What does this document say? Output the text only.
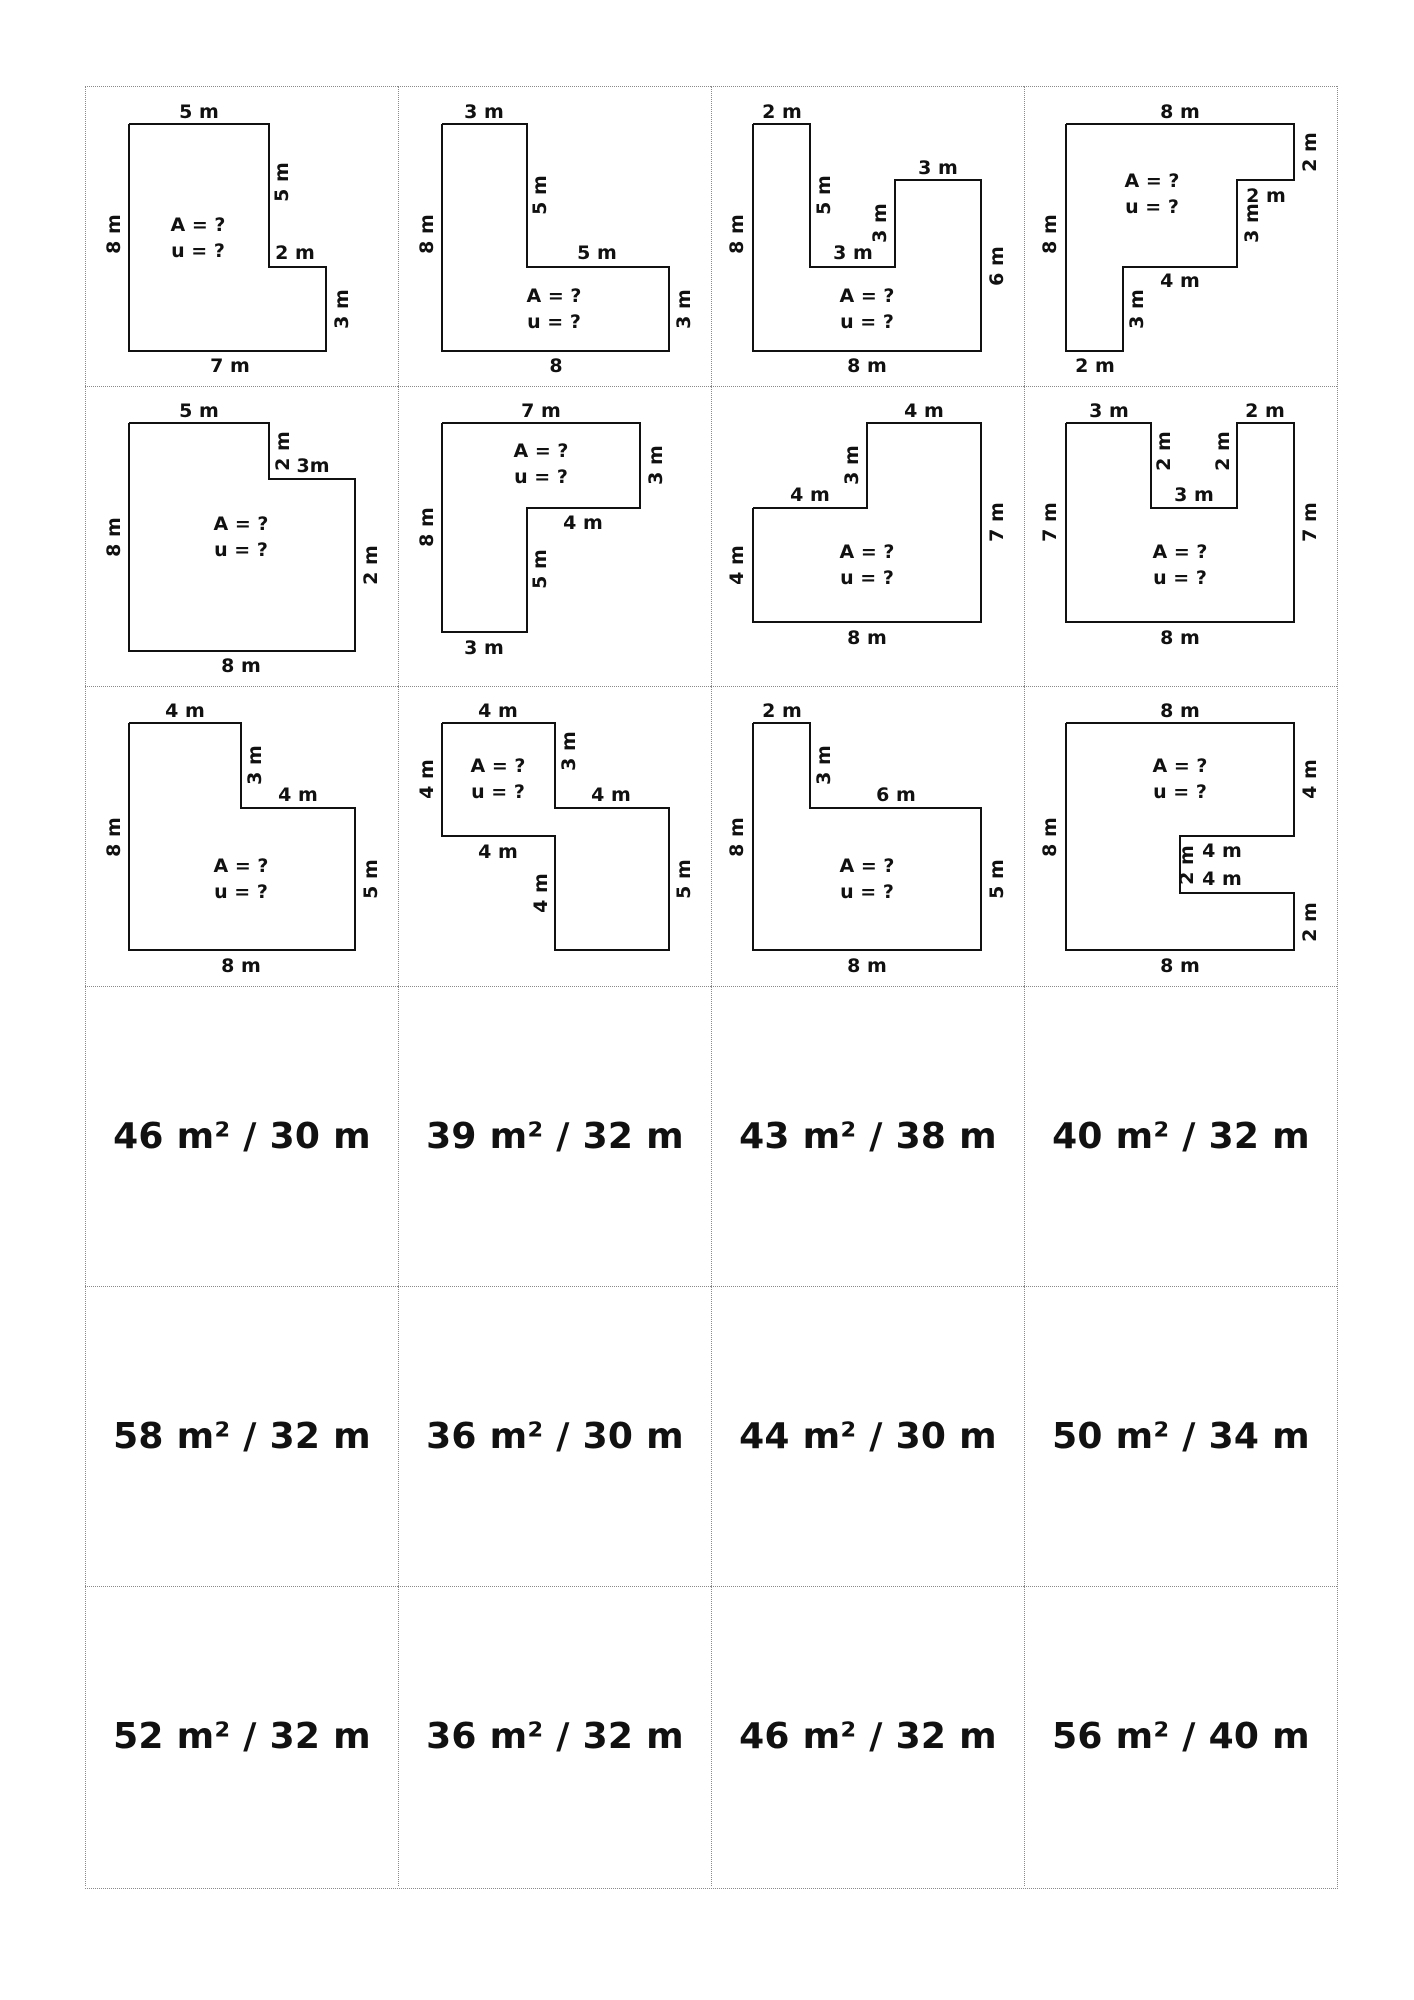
5 m
5 m
8 m	2 m
3 m
7 m
A = ?
u = ?
3 m
5 m
8 m	5 m
3 m
8
A = ?
u = ?
2 m
5 m
3 m
3 m
3 m
8 m
6 m
8 m
A = ?
u = ?
8 m
2 m
2 m
3 m
4 m
3 m
8 m
2 m
A = ?
u = ?
5 m
2 m 3m
8 m
2 m
8 m
A = ?
u = ?
7 m
3 m
4 m
8 m
5 m
3 m
A = ?
u = ?
4 m
3 m
4 m
4 m
7 m
8 m
A = ?
u = ?
3 m	2 m
2 m 2 m
3 m
7 m	7 m
8 m
A = ?
u = ?
4 m
3 m
4 m
8 m
5 m
8 m
A = ?
u = ?
4 m
3 m
4 m	4 m
4 m
4 m	5 m
A = ?
u = ?
2 m
3 m
6 m
8 m
5 m
8 m
A = ?
u = ?
8 m
4 m
8 m
2 m 4 m
4 m
2 m
8 m
A = ?
u = ?
46 m² / 30 m 39 m² / 32 m 43 m² / 38 m 40 m² / 32 m
58 m² / 32 m 36 m² / 30 m 44 m² / 30 m 50 m² / 34 m
52 m² / 32 m 36 m² / 32 m 46 m² / 32 m 56 m² / 40 m
